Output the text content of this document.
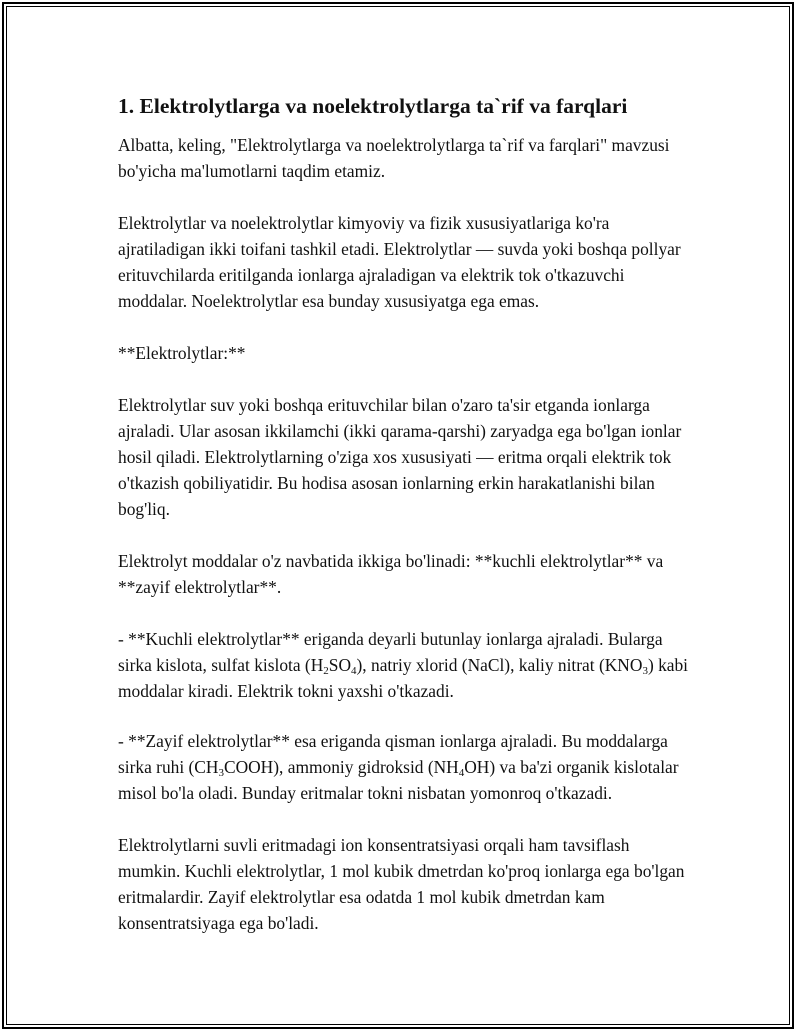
1. Elektrolytlarga va noelektrolytlarga ta`rif va farqlari

Albatta, keling, "Elektrolytlarga va noelektrolytlarga ta`rif va farqlari" mavzusi bo'yicha ma'lumotlarni taqdim etamiz.

Elektrolytlar va noelektrolytlar kimyoviy va fizik xususiyatlariga ko'ra ajratiladigan ikki toifani tashkil etadi. Elektrolytlar — suvda yoki boshqa pollyar erituvchilarda eritilganda ionlarga ajraladigan va elektrik tok o'tkazuvchi moddalar. Noelektrolytlar esa bunday xususiyatga ega emas.

**Elektrolytlar:**

Elektrolytlar suv yoki boshqa erituvchilar bilan o'zaro ta'sir etganda ionlarga ajraladi. Ular asosan ikkilamchi (ikki qarama-qarshi) zaryadga ega bo'lgan ionlar hosil qiladi. Elektrolytlarning o'ziga xos xususiyati — eritma orqali elektrik tok o'tkazish qobiliyatidir. Bu hodisa asosan ionlarning erkin harakatlanishi bilan bog'liq.

Elektrolyt moddalar o'z navbatida ikkiga bo'linadi: **kuchli elektrolytlar** va **zayif elektrolytlar**.

- **Kuchli elektrolytlar** eriganda deyarli butunlay ionlarga ajraladi. Bularga sirka kislota, sulfat kislota $(H_2SO_4)$, natriy xlorid (NaCl), kaliy nitrat $(KNO_3)$ kabi moddalar kiradi. Elektrik tokni yaxshi o'tkazadi.

- **Zayif elektrolytlar** esa eriganda qisman ionlarga ajraladi. Bu moddalarga sirka ruhi $(CH_3COOH)$, ammoniy gidroksid $(NH_4OH)$ va ba'zi organik kislotalar misol bo'la oladi. Bunday eritmalar tokni nisbatan yomonroq o'tkazadi.

Elektrolytlarni suvli eritmadagi ion konsentratsiyasi orqali ham tavsiflash mumkin. Kuchli elektrolytlar, 1 mol kubik dmetrdan ko'proq ionlarga ega bo'lgan eritmalardir. Zayif elektrolytlar esa odatda 1 mol kubik dmetrdan kam konsentratsiyaga ega bo'ladi.
